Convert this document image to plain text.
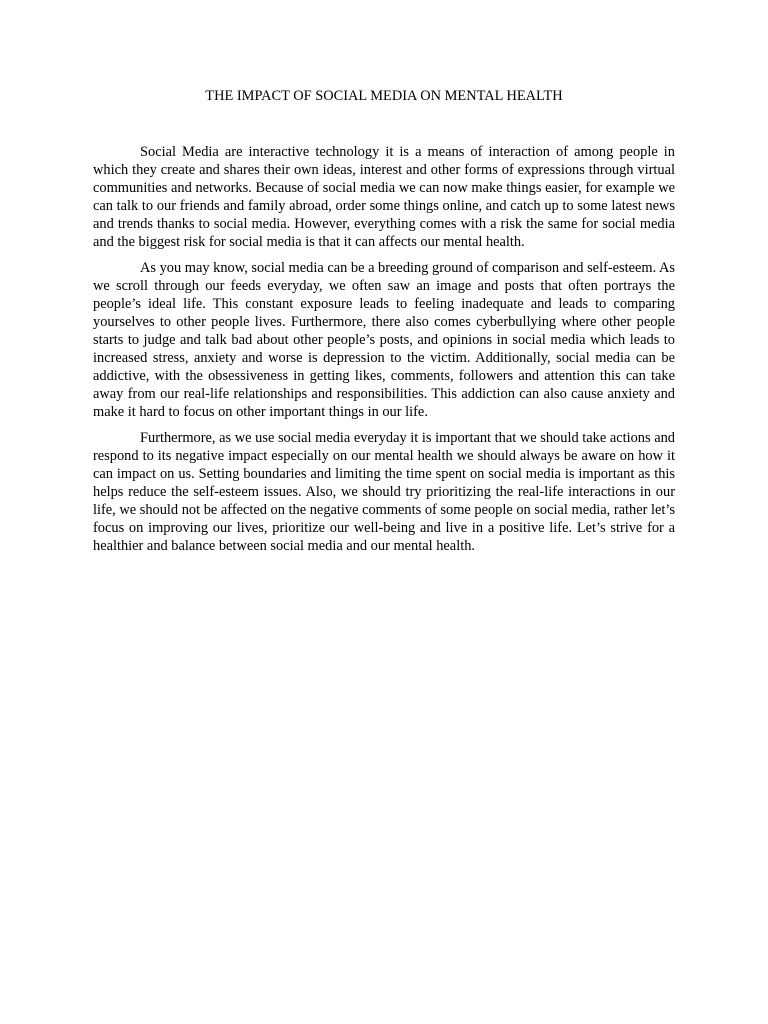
THE IMPACT OF SOCIAL MEDIA ON MENTAL HEALTH

Social Media are interactive technology it is a means of interaction of among people in which they create and shares their own ideas, interest and other forms of expressions through virtual communities and networks. Because of social media we can now make things easier, for example we can talk to our friends and family abroad, order some things online, and catch up to some latest news and trends thanks to social media. However, everything comes with a risk the same for social media and the biggest risk for social media is that it can affects our mental health.

As you may know, social media can be a breeding ground of comparison and self-esteem. As we scroll through our feeds everyday, we often saw an image and posts that often portrays the people’s ideal life. This constant exposure leads to feeling inadequate and leads to comparing yourselves to other people lives. Furthermore, there also comes cyberbullying where other people starts to judge and talk bad about other people’s posts, and opinions in social media which leads to increased stress, anxiety and worse is depression to the victim. Additionally, social media can be addictive, with the obsessiveness in getting likes, comments, followers and attention this can take away from our real-life relationships and responsibilities. This addiction can also cause anxiety and make it hard to focus on other important things in our life.

Furthermore, as we use social media everyday it is important that we should take actions and respond to its negative impact especially on our mental health we should always be aware on how it can impact on us. Setting boundaries and limiting the time spent on social media is important as this helps reduce the self-esteem issues. Also, we should try prioritizing the real-life interactions in our life, we should not be affected on the negative comments of some people on social media, rather let’s focus on improving our lives, prioritize our well-being and live in a positive life. Let’s strive for a healthier and balance between social media and our mental health.
